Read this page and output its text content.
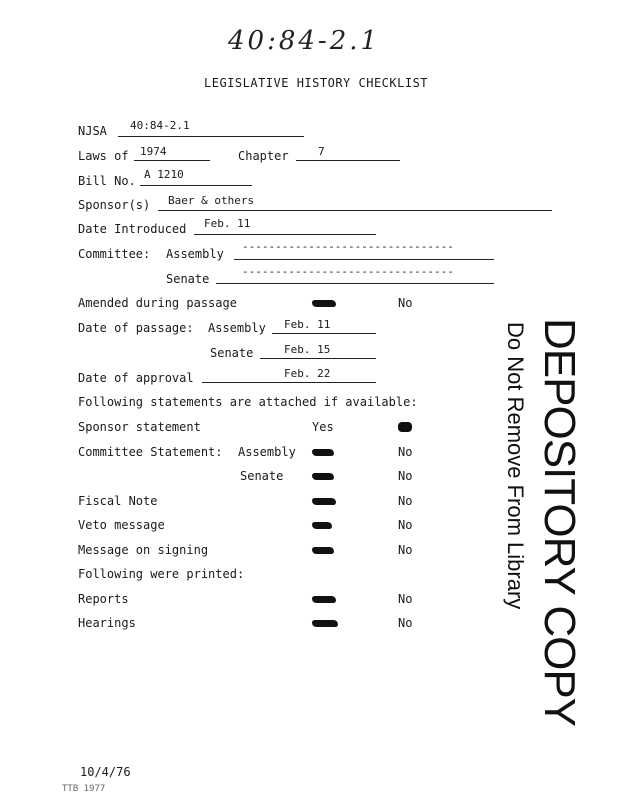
40:84-2.1
LEGISLATIVE HISTORY CHECKLIST
NJSA 40:84-2.1
Laws of 1974	Chapter	7
Bill No. A 1210
Sponsor(s) Baer & others
Date Introduced Feb. 11
Committee: Assembly
--------------------------------
Senate
--------------------------------
Amended during passage	No
Date of passage: Assembly Feb. 11
Senate	Feb. 15
Date of approval	Feb. 22
Following statements are attached if available:
Sponsor statement	Yes
Committee Statement: Assembly	No
Senate	No
Fiscal Note	No
Veto message	No
Message on signing	No
Following were printed:
Reports	No
Hearings	No	DEPOSITORY COPY
Do Not Remove From Library
10/4/76
ТТВ 1977
